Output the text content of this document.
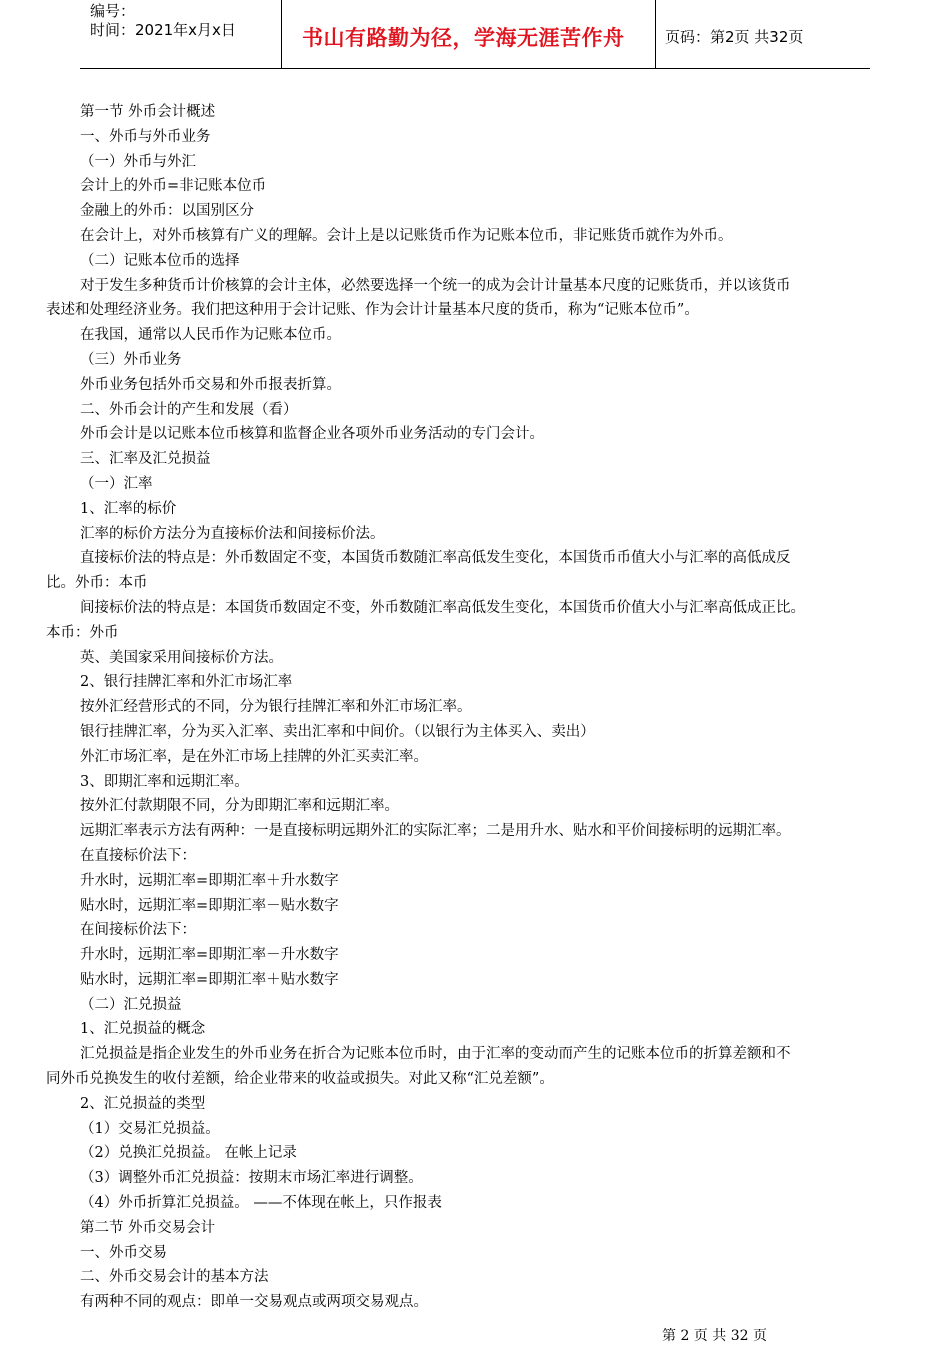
编号：
时间：2021年x月x日	书山有路勤为径，学海无涯苦作舟	页码：第2页 共32页
第一节 外币会计概述
一、外币与外币业务
（一）外币与外汇
会计上的外币=非记账本位币
金融上的外币：以国别区分
在会计上，对外币核算有广义的理解。会计上是以记账货币作为记账本位币，非记账货币就作为外币。
（二）记账本位币的选择
对于发生多种货币计价核算的会计主体，必然要选择一个统一的成为会计计量基本尺度的记账货币，并以该货币
表述和处理经济业务。我们把这种用于会计记账、作为会计计量基本尺度的货币，称为“记账本位币”。
在我国，通常以人民币作为记账本位币。
（三）外币业务
外币业务包括外币交易和外币报表折算。
二、外币会计的产生和发展（看）
外币会计是以记账本位币核算和监督企业各项外币业务活动的专门会计。
三、汇率及汇兑损益
（一）汇率
1、汇率的标价
汇率的标价方法分为直接标价法和间接标价法。
直接标价法的特点是：外币数固定不变，本国货币数随汇率高低发生变化，本国货币币值大小与汇率的高低成反
比。外币：本币
间接标价法的特点是：本国货币数固定不变，外币数随汇率高低发生变化，本国货币价值大小与汇率高低成正比。
本币：外币
英、美国家采用间接标价方法。
2、银行挂牌汇率和外汇市场汇率
按外汇经营形式的不同，分为银行挂牌汇率和外汇市场汇率。
银行挂牌汇率，分为买入汇率、卖出汇率和中间价。（以银行为主体买入、卖出）
外汇市场汇率，是在外汇市场上挂牌的外汇买卖汇率。
3、即期汇率和远期汇率。
按外汇付款期限不同，分为即期汇率和远期汇率。
远期汇率表示方法有两种：一是直接标明远期外汇的实际汇率；二是用升水、贴水和平价间接标明的远期汇率。
在直接标价法下：
升水时，远期汇率=即期汇率＋升水数字
贴水时，远期汇率=即期汇率－贴水数字
在间接标价法下：
升水时，远期汇率=即期汇率－升水数字
贴水时，远期汇率=即期汇率＋贴水数字
（二）汇兑损益
1、汇兑损益的概念
汇兑损益是指企业发生的外币业务在折合为记账本位币时，由于汇率的变动而产生的记账本位币的折算差额和不
同外币兑换发生的收付差额，给企业带来的收益或损失。对此又称“汇兑差额”。
2、汇兑损益的类型
（1）交易汇兑损益。
（2）兑换汇兑损益。 在帐上记录
（3）调整外币汇兑损益：按期末市场汇率进行调整。
（4）外币折算汇兑损益。 ——不体现在帐上，只作报表
第二节 外币交易会计
一、外币交易
二、外币交易会计的基本方法
有两种不同的观点：即单一交易观点或两项交易观点。
第 2 页 共 32 页
